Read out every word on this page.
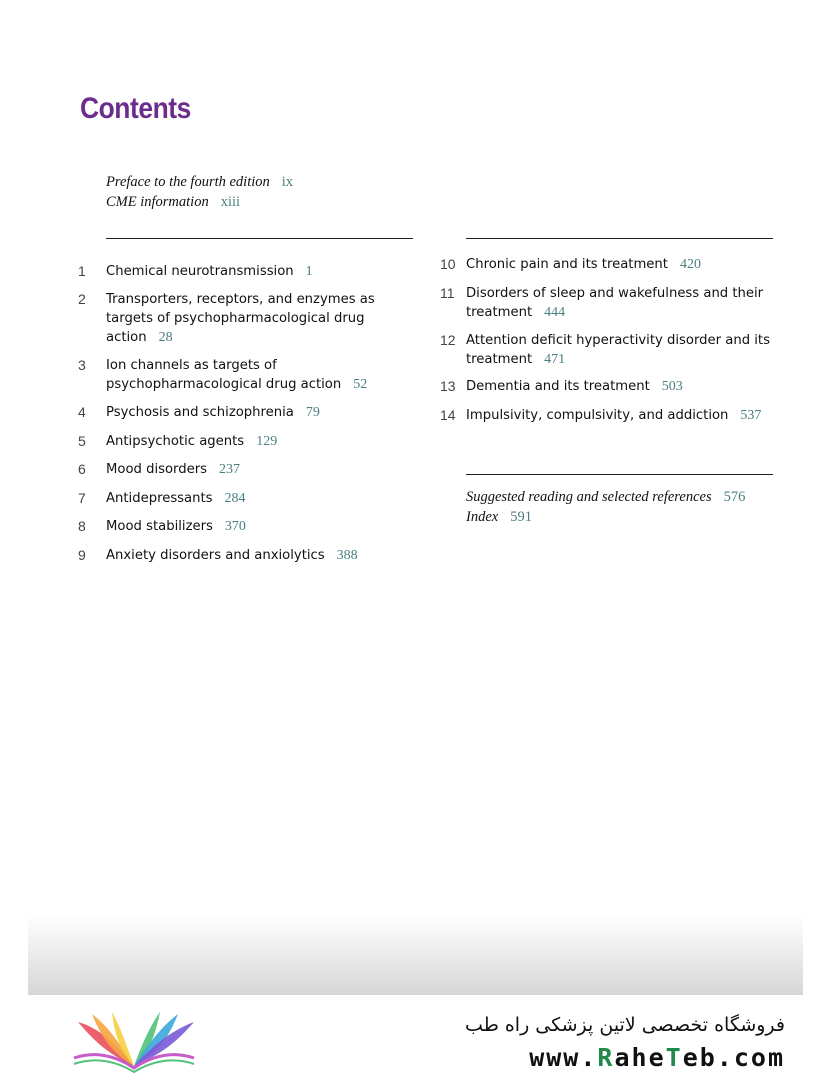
Contents
Preface to the fourth edition ix
CME information xiii
1	Chemical neurotransmission 1
2	Transporters, receptors, and enzymes as targets of psychopharmacological drug action 28
3	Ion channels as targets of psychopharmacological drug action 52
4	Psychosis and schizophrenia 79
5	Antipsychotic agents 129
6	Mood disorders 237
7	Antidepressants 284
8	Mood stabilizers 370
9	Anxiety disorders and anxiolytics 388
10 Chronic pain and its treatment 420
11 Disorders of sleep and wakefulness and their treatment 444
12 Attention deficit hyperactivity disorder and its treatment 471
13 Dementia and its treatment 503
14 Impulsivity, compulsivity, and addiction 537
Suggested reading and selected references 576
Index 591
فروشگاه تخصصی لاتین پزشکی راه طب
www.RaheTeb.com
